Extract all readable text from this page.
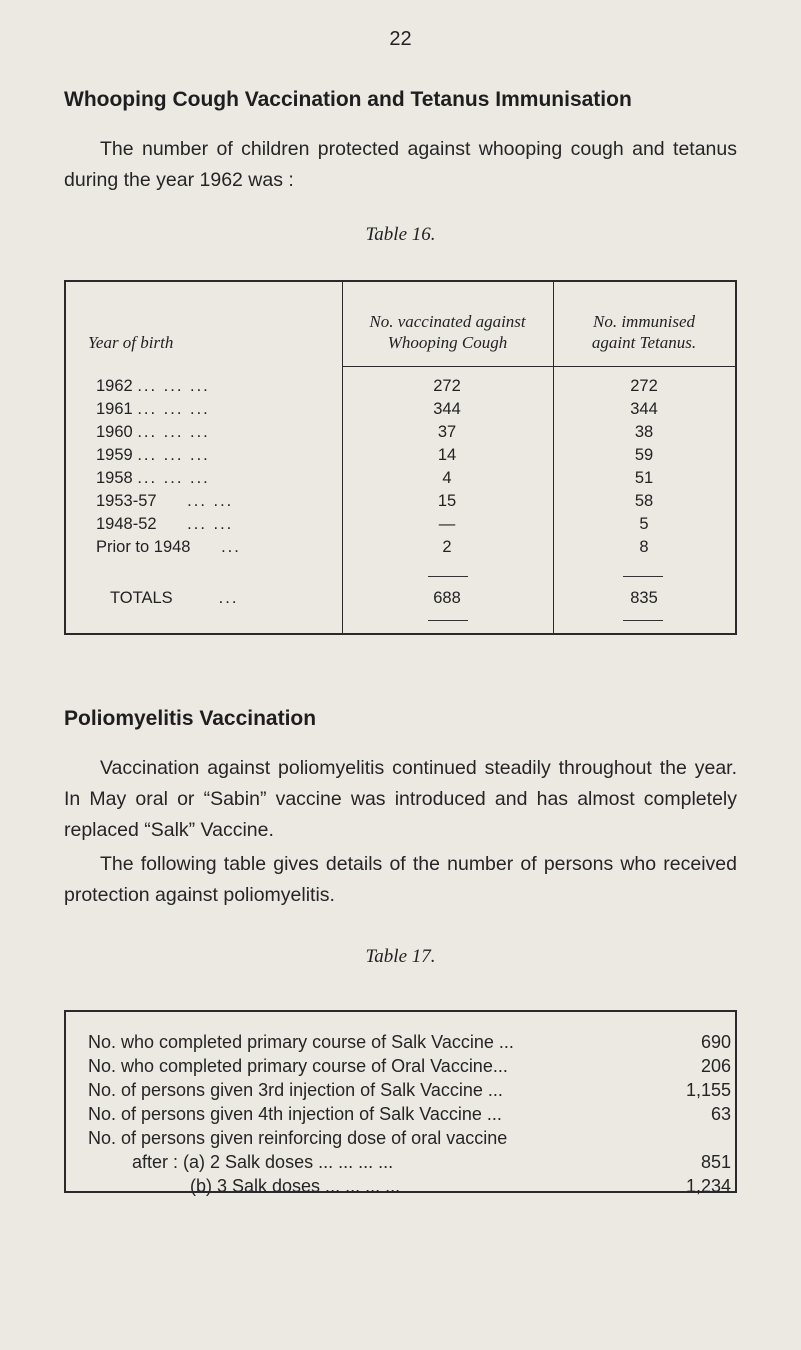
22
Whooping Cough Vaccination and Tetanus Immunisation
The number of children protected against whooping cough and tetanus during the year 1962 was :
Table 16.
Year of birth
No. vaccinated against
Whooping Cough
No. immunised
againt Tetanus.
1962 ... ... ...	272	272
1961 ... ... ...	344	344
1960 ... ... ...	37	38
1959 ... ... ...	14	59
1958 ... ... ...	4	51
1953-57 ... ...	15	58
1948-52 ... ...	—	5
Prior to 1948 ...	2	8
TOTALS	...	688	835
Poliomyelitis Vaccination
Vaccination against poliomyelitis continued steadily throughout the year. In May oral or “Sabin” vaccine was introduced and has almost completely replaced “Salk” Vaccine.
The following table gives details of the number of persons who received protection against poliomyelitis.
Table 17.
No. who completed primary course of Salk Vaccine ...	690
No. who completed primary course of Oral Vaccine...	206
No. of persons given 3rd injection of Salk Vaccine ...	1,155
No. of persons given 4th injection of Salk Vaccine ...	63
No. of persons given reinforcing dose of oral vaccine
after : (a) 2 Salk doses ... ... ... ...	851
(b) 3 Salk doses ... ... ... ...	1,234
